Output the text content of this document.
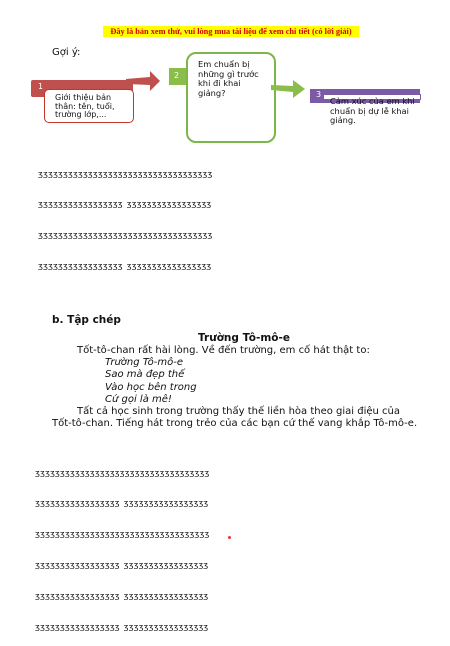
Đây là bản xem thử, vui lòng mua tài liệu để xem chi tiết (có lời giải)
Gợi ý:
1
Giới thiệu bản thân: tên, tuổi, trường lớp,...
Em chuẩn bị những gì trước khi đi khai giảng?
2
3
Cảm xúc của em khi chuẩn bị dự lễ khai giảng.

ᶾᶾᶾᶾᶾᶾᶾᶾᶾᶾᶾᶾᶾᶾᶾᶾᶾᶾᶾᶾᶾᶾᶾᶾᶾᶾᶾᶾᶾᶾᶾᶾᶾᶾᶾ

ᶾᶾᶾᶾᶾᶾᶾᶾᶾᶾᶾᶾᶾᶾᶾᶾᶾ ᶾᶾᶾᶾᶾᶾᶾᶾᶾᶾᶾᶾᶾᶾᶾᶾᶾ

ᶾᶾᶾᶾᶾᶾᶾᶾᶾᶾᶾᶾᶾᶾᶾᶾᶾᶾᶾᶾᶾᶾᶾᶾᶾᶾᶾᶾᶾᶾᶾᶾᶾᶾᶾ

ᶾᶾᶾᶾᶾᶾᶾᶾᶾᶾᶾᶾᶾᶾᶾᶾᶾ ᶾᶾᶾᶾᶾᶾᶾᶾᶾᶾᶾᶾᶾᶾᶾᶾᶾ

b. Tập chép
Trường Tô-mô-e
Tốt-tô-chan rất hài lòng. Về đến trường, em cố hát thật to:
Trường Tô-mô-e
Sao mà đẹp thế
Vào học bên trong
Cứ gọi là mê!
Tất cả học sinh trong trường thấy thế liền hòa theo giai điệu của Tốt-tô-chan. Tiếng hát trong trẻo của các bạn cứ thế vang khắp Tô-mô-e.

ᶾᶾᶾᶾᶾᶾᶾᶾᶾᶾᶾᶾᶾᶾᶾᶾᶾᶾᶾᶾᶾᶾᶾᶾᶾᶾᶾᶾᶾᶾᶾᶾᶾᶾᶾ

ᶾᶾᶾᶾᶾᶾᶾᶾᶾᶾᶾᶾᶾᶾᶾᶾᶾ ᶾᶾᶾᶾᶾᶾᶾᶾᶾᶾᶾᶾᶾᶾᶾᶾᶾ

ᶾᶾᶾᶾᶾᶾᶾᶾᶾᶾᶾᶾᶾᶾᶾᶾᶾᶾᶾᶾᶾᶾᶾᶾᶾᶾᶾᶾᶾᶾᶾᶾᶾᶾᶾ

ᶾᶾᶾᶾᶾᶾᶾᶾᶾᶾᶾᶾᶾᶾᶾᶾᶾ ᶾᶾᶾᶾᶾᶾᶾᶾᶾᶾᶾᶾᶾᶾᶾᶾᶾ

ᶾᶾᶾᶾᶾᶾᶾᶾᶾᶾᶾᶾᶾᶾᶾᶾᶾ ᶾᶾᶾᶾᶾᶾᶾᶾᶾᶾᶾᶾᶾᶾᶾᶾᶾ

ᶾᶾᶾᶾᶾᶾᶾᶾᶾᶾᶾᶾᶾᶾᶾᶾᶾ ᶾᶾᶾᶾᶾᶾᶾᶾᶾᶾᶾᶾᶾᶾᶾᶾᶾ
